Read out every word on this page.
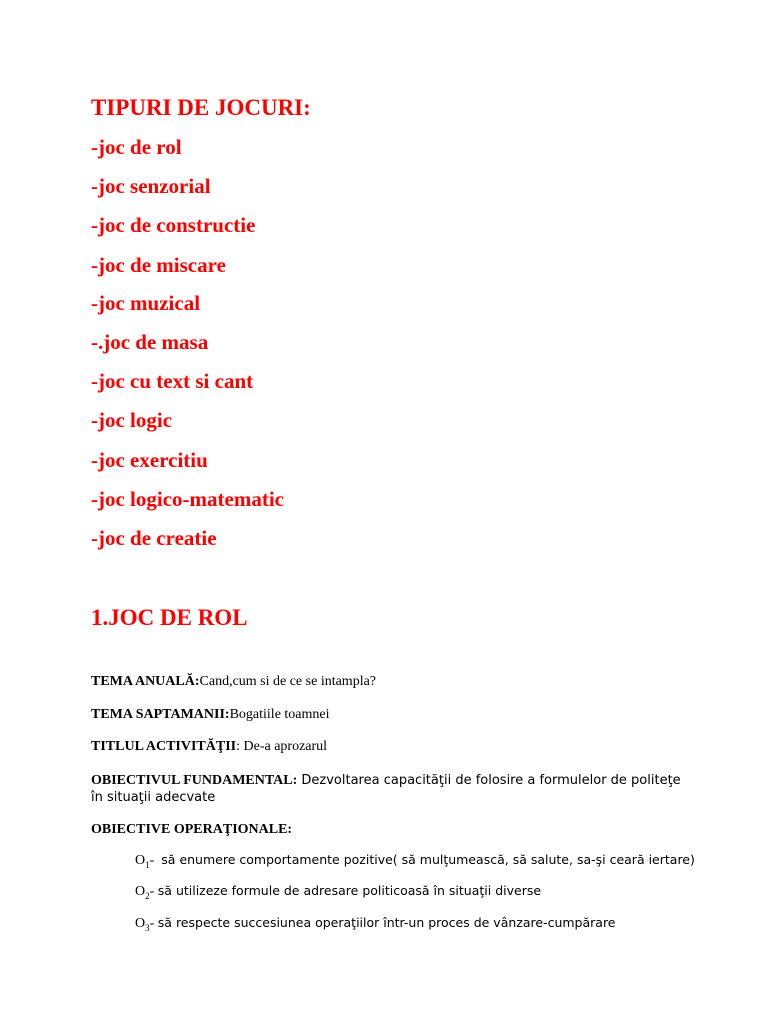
TIPURI DE JOCURI:
-joc de rol
-joc senzorial
-joc de constructie
-joc de miscare
-joc muzical
-.joc de masa
-joc cu text si cant
-joc logic
-joc exercitiu
-joc logico-matematic
-joc de creatie
1.JOC DE ROL
TEMA ANUALĂ:Cand,cum si de ce se intampla?
TEMA SAPTAMANII:Bogatiile toamnei
TITLUL ACTIVITĂŢII: De-a aprozarul
OBIECTIVUL FUNDAMENTAL: Dezvoltarea capacităţii de folosire a formulelor de politeţe
în situaţii adecvate
OBIECTIVE OPERAŢIONALE:
$O_1-$  să enumere comportamente pozitive( să mulţumească, să salute, sa-şi ceară iertare)
$O_2-$ să utilizeze formule de adresare politicoasă în situaţii diverse
$O_3-$ să respecte succesiunea operaţiilor într-un proces de vânzare-cumpărare
